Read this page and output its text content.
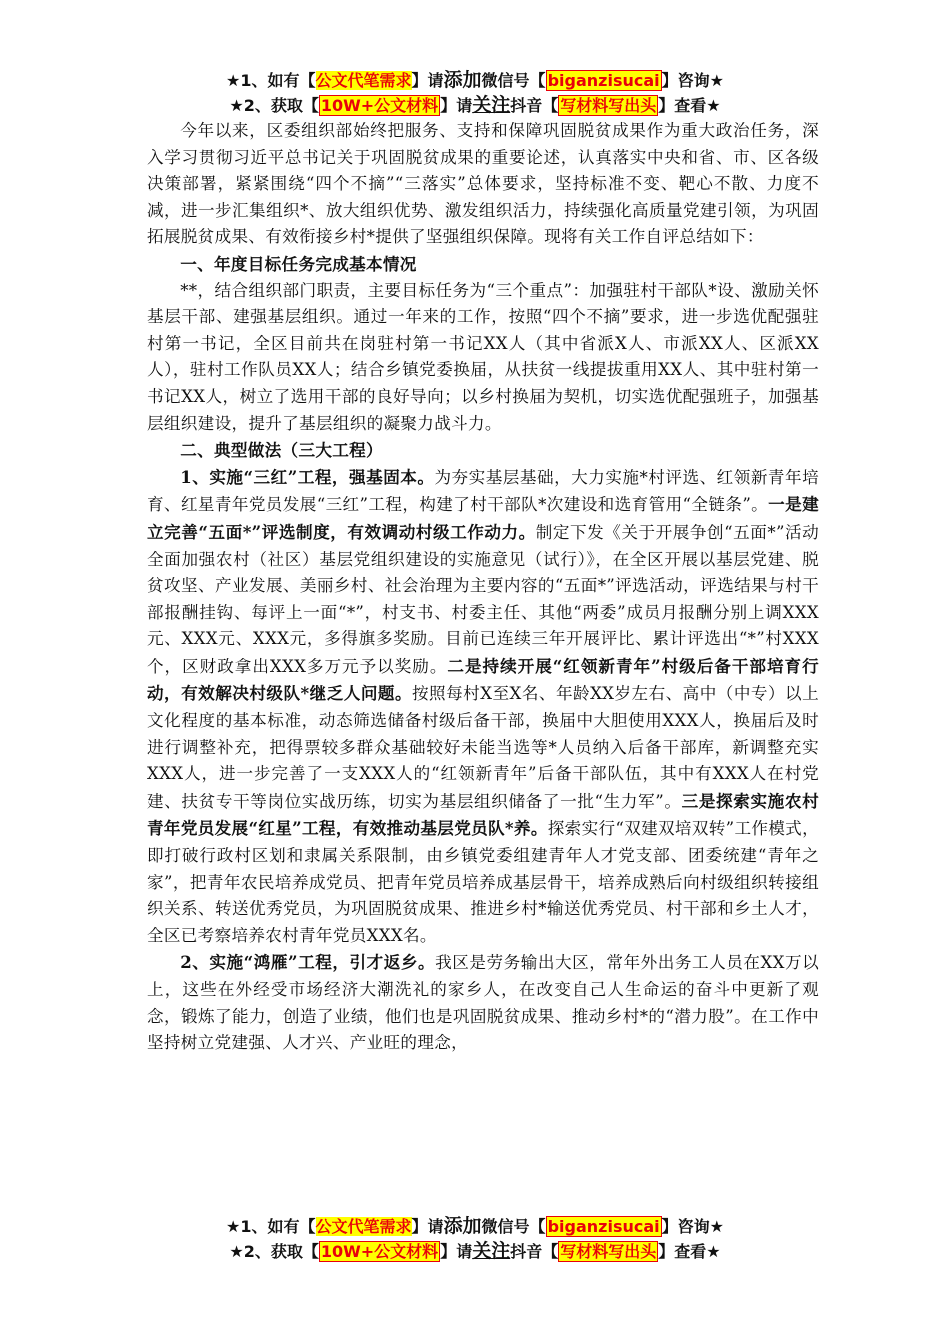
★1、如有【公文代笔需求】请添加微信号【 biganzisucai 】咨询★
★2、获取【 10W+公文材料 】请关注抖音【 写材料写出头 】查看★

今年以来，区委组织部始终把服务、支持和保障巩固脱贫成果作为重大政治任务，深入学习贯彻习近平总书记关于巩固脱贫成果的重要论述，认真落实中央和省、市、区各级决策部署，紧紧围绕“四个不摘”“三落实”总体要求，坚持标准不变、靶心不散、力度不减，进一步汇集组织*、放大组织优势、激发组织活力，持续强化高质量党建引领，为巩固拓展脱贫成果、有效衔接乡村*提供了坚强组织保障。现将有关工作自评总结如下：

一、年度目标任务完成基本情况

**，结合组织部门职责，主要目标任务为“三个重点”：加强驻村干部队*设、激励关怀基层干部、建强基层组织。通过一年来的工作，按照“四个不摘”要求，进一步选优配强驻村第一书记，全区目前共在岗驻村第一书记XX人（其中省派X人、市派XX人、区派XX人），驻村工作队员XX人；结合乡镇党委换届，从扶贫一线提拔重用XX人、其中驻村第一书记XX人，树立了选用干部的良好导向；以乡村换届为契机，切实选优配强班子，加强基层组织建设，提升了基层组织的凝聚力战斗力。

二、典型做法（三大工程）

1、实施“三红”工程，强基固本。为夯实基层基础，大力实施*村评选、红领新青年培育、红星青年党员发展“三红”工程，构建了村干部队*次建设和选育管用“全链条”。一是建立完善“五面*”评选制度，有效调动村级工作动力。制定下发《关于开展争创“五面*”活动全面加强农村（社区）基层党组织建设的实施意见（试行）》，在全区开展以基层党建、脱贫攻坚、产业发展、美丽乡村、社会治理为主要内容的“五面*”评选活动，评选结果与村干部报酬挂钩、每评上一面“*”，村支书、村委主任、其他“两委”成员月报酬分别上调XXX元、XXX元、XXX元，多得旗多奖励。目前已连续三年开展评比、累计评选出“*”村XXX个，区财政拿出XXX多万元予以奖励。二是持续开展“红领新青年”村级后备干部培育行动，有效解决村级队*继乏人问题。按照每村X至X名、年龄XX岁左右、高中（中专）以上文化程度的基本标准，动态筛选储备村级后备干部，换届中大胆使用XXX人，换届后及时进行调整补充，把得票较多群众基础较好未能当选等*人员纳入后备干部库，新调整充实XXX人，进一步完善了一支XXX人的“红领新青年”后备干部队伍，其中有XXX人在村党建、扶贫专干等岗位实战历练，切实为基层组织储备了一批“生力军”。三是探索实施农村青年党员发展“红星”工程，有效推动基层党员队*养。探索实行“双建双培双转”工作模式，即打破行政村区划和隶属关系限制，由乡镇党委组建青年人才党支部、团委统建“青年之家”，把青年农民培养成党员、把青年党员培养成基层骨干，培养成熟后向村级组织转接组织关系、转送优秀党员，为巩固脱贫成果、推进乡村*输送优秀党员、村干部和乡土人才，全区已考察培养农村青年党员XXX名。

2、实施“鸿雁”工程，引才返乡。我区是劳务输出大区，常年外出务工人员在XX万以上，这些在外经受市场经济大潮洗礼的家乡人，在改变自己人生命运的奋斗中更新了观念，锻炼了能力，创造了业绩，他们也是巩固脱贫成果、推动乡村*的“潜力股”。在工作中坚持树立党建强、人才兴、产业旺的理念，

★1、如有【公文代笔需求】请添加微信号【 biganzisucai 】咨询★
★2、获取【 10W+公文材料 】请关注抖音【 写材料写出头 】查看★
